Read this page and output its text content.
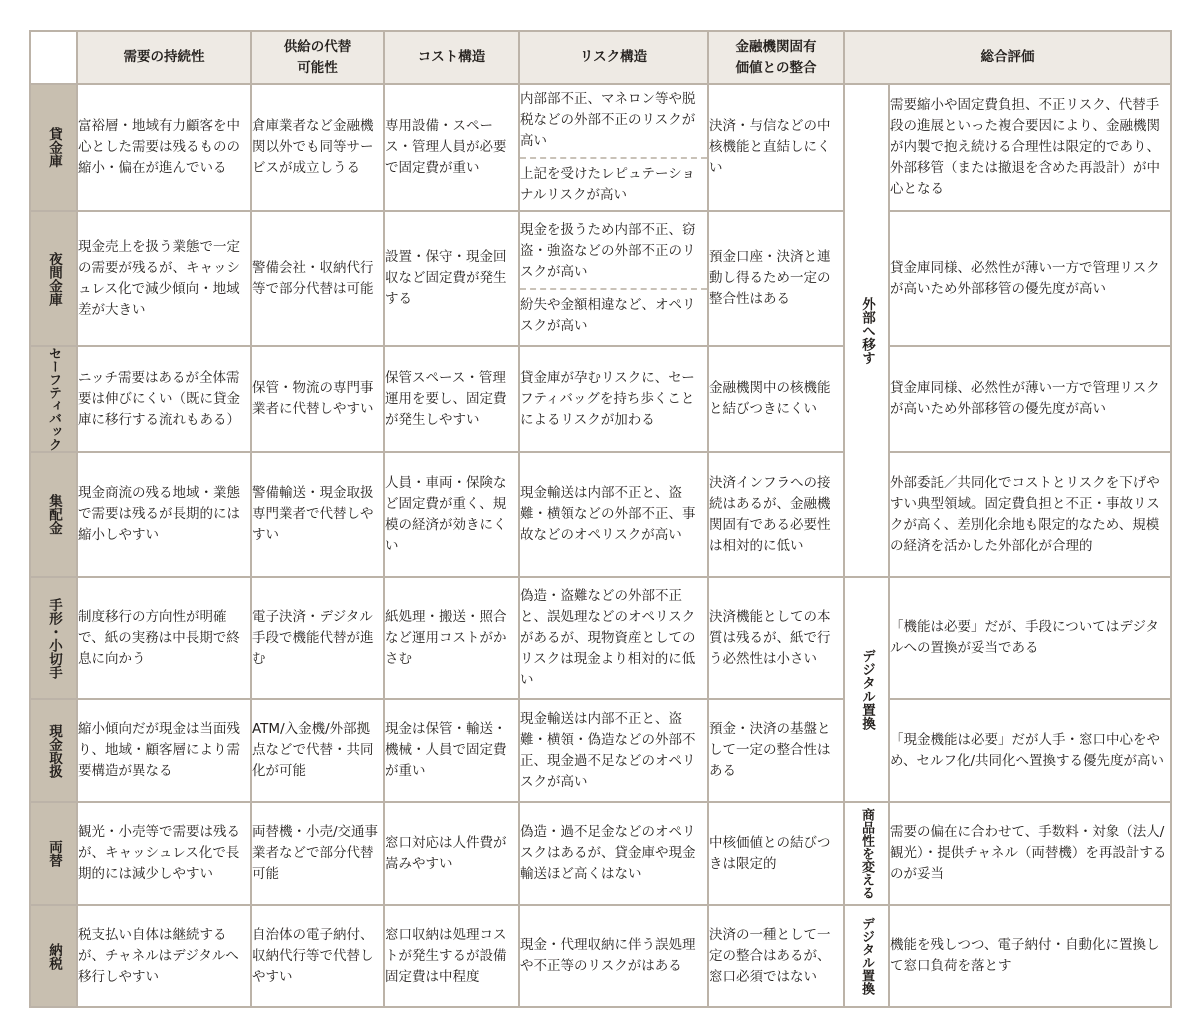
	需要の持続性	供給の代替
可能性	コスト構造	リスク構造	金融機関固有
価値との整合	総合評価	
貸金庫	富裕層・地域有力顧客を中心とした需要は残るものの縮小・偏在が進んでいる	倉庫業者など金融機関以外でも同等サービスが成立しうる	専用設備・スペース・管理人員が必要で固定費が重い	内部部不正、マネロン等や脱税などの外部不正のリスクが高い
上記を受けたレピュテーショナルリスクが高い	決済・与信などの中核機能と直結しにくい	外部へ移す	需要縮小や固定費負担、不正リスク、代替手段の進展といった複合要因により、金融機関が内製で抱え続ける合理性は限定的であり、外部移管（または撤退を含めた再設計）が中心となる
夜間金庫	現金売上を扱う業態で一定の需要が残るが、キャッシュレス化で減少傾向・地域差が大きい	警備会社・収納代行等で部分代替は可能	設置・保守・現金回収など固定費が発生する	現金を扱うため内部不正、窃盗・強盗などの外部不正のリスクが高い
紛失や金額相違など、オペリスクが高い	預金口座・決済と連動し得るため一定の整合性はある		貸金庫同様、必然性が薄い一方で管理リスクが高いため外部移管の優先度が高い
セーフティバック	ニッチ需要はあるが全体需要は伸びにくい（既に貸金庫に移行する流れもある）	保管・物流の専門事業者に代替しやすい	保管スペース・管理運用を要し、固定費が発生しやすい	貸金庫が孕むリスクに、セーフティバッグを持ち歩くことによるリスクが加わる	金融機関中の核機能と結びつきにくい		貸金庫同様、必然性が薄い一方で管理リスクが高いため外部移管の優先度が高い
集配金	現金商流の残る地域・業態で需要は残るが長期的には縮小しやすい	警備輸送・現金取扱専門業者で代替しやすい	人員・車両・保険など固定費が重く、規模の経済が効きにくい	現金輸送は内部不正と、盗難・横領などの外部不正、事故などのオペリスクが高い	決済インフラへの接続はあるが、金融機関固有である必要性は相対的に低い		外部委託／共同化でコストとリスクを下げやすい典型領域。固定費負担と不正・事故リスクが高く、差別化余地も限定的なため、規模の経済を活かした外部化が合理的
手形・小切手	制度移行の方向性が明確で、紙の実務は中長期で終息に向かう	電子決済・デジタル手段で機能代替が進む	紙処理・搬送・照合など運用コストがかさむ	偽造・盗難などの外部不正と、誤処理などのオペリスクがあるが、現物資産としてのリスクは現金より相対的に低い	決済機能としての本質は残るが、紙で行う必然性は小さい	デジタル置換	「機能は必要」だが、手段についてはデジタルへの置換が妥当である
現金取扱	縮小傾向だが現金は当面残り、地域・顧客層により需要構造が異なる	ATM/入金機/外部拠点などで代替・共同化が可能	現金は保管・輸送・機械・人員で固定費が重い	現金輸送は内部不正と、盗難・横領・偽造などの外部不正、現金過不足などのオペリスクが高い	預金・決済の基盤として一定の整合性はある		「現金機能は必要」だが人手・窓口中心をやめ、セルフ化/共同化へ置換する優先度が高い
両替	観光・小売等で需要は残るが、キャッシュレス化で長期的には減少しやすい	両替機・小売/交通事業者などで部分代替可能	窓口対応は人件費が嵩みやすい	偽造・過不足金などのオペリスクはあるが、貸金庫や現金輸送ほど高くはない	中核価値との結びつきは限定的	商品性を変える	需要の偏在に合わせて、手数料・対象（法人/観光）・提供チャネル（両替機）を再設計するのが妥当
納税	税支払い自体は継続するが、チャネルはデジタルへ移行しやすい	自治体の電子納付、収納代行等で代替しやすい	窓口収納は処理コストが発生するが設備固定費は中程度	現金・代理収納に伴う誤処理や不正等のリスクがはある	決済の一種として一定の整合はあるが、窓口必須ではない	デジタル置換	機能を残しつつ、電子納付・自動化に置換して窓口負荷を落とす
